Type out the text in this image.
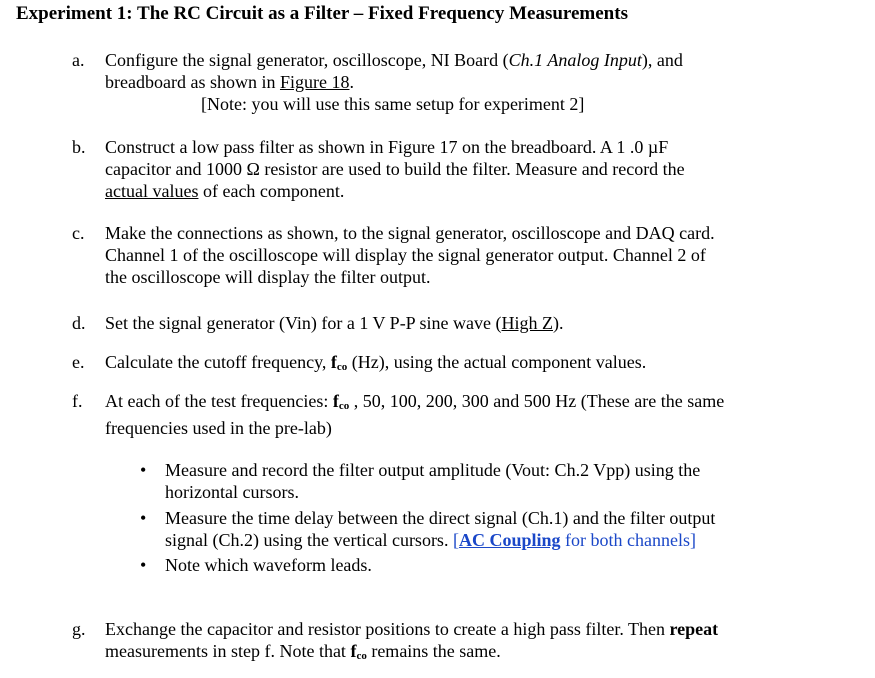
Experiment 1: The RC Circuit as a Filter – Fixed Frequency Measurements
a. Configure the signal generator, oscilloscope, NI Board (Ch.1 Analog Input), and
breadboard as shown in Figure 18.
[Note: you will use this same setup for experiment 2]
b. Construct a low pass filter as shown in Figure 17 on the breadboard. A 1 .0 µF
capacitor and 1000 Ω resistor are used to build the filter. Measure and record the
actual values of each component.
c. Make the connections as shown, to the signal generator, oscilloscope and DAQ card.
Channel 1 of the oscilloscope will display the signal generator output. Channel 2 of
the oscilloscope will display the filter output.
d. Set the signal generator (Vin) for a 1 V P-P sine wave (High Z).
e. Calculate the cutoff frequency, $f_{co}$ (Hz), using the actual component values.
f. At each of the test frequencies: $f_{co}$ , 50, 100, 200, 300 and 500 Hz (These are the same
frequencies used in the pre-lab)
• Measure and record the filter output amplitude (Vout: Ch.2 Vpp) using the
horizontal cursors.
• Measure the time delay between the direct signal (Ch.1) and the filter output
signal (Ch.2) using the vertical cursors. [AC Coupling for both channels]
• Note which waveform leads.
g. Exchange the capacitor and resistor positions to create a high pass filter. Then repeat
measurements in step f. Note that $f_{co}$ remains the same.
